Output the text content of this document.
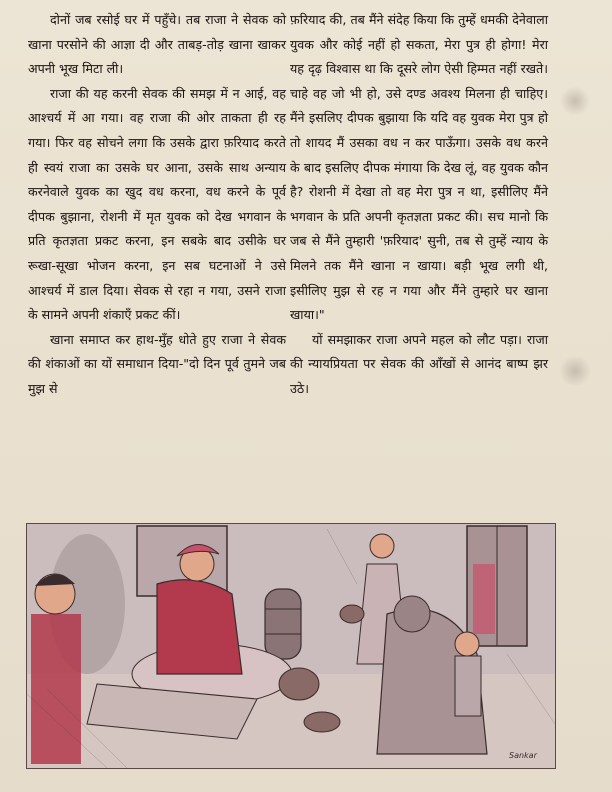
दोनों जब रसोई घर में पहुँचे। तब राजा ने सेवक को खाना परसोने की आज्ञा दी और ताबड़-तोड़ खाना खाकर अपनी भूख मिटा ली।

राजा की यह करनी सेवक की समझ में न आई, वह आश्चर्य में आ गया। वह राजा की ओर ताकता ही रह गया। फिर वह सोचने लगा कि उसके द्वारा फ़रियाद करते ही स्वयं राजा का उसके घर आना, उसके साथ अन्याय करनेवाले युवक का खुद वध करना, वध करने के पूर्व दीपक बुझाना, रोशनी में मृत युवक को देख भगवान के प्रति कृतज्ञता प्रकट करना, इन सबके बाद उसीके घर रूखा-सूखा भोजन करना, इन सब घटनाओं ने उसे आश्चर्य में डाल दिया। सेवक से रहा न गया, उसने राजा के सामने अपनी शंकाएँ प्रकट कीं।

खाना समाप्त कर हाथ-मुँह धोते हुए राजा ने सेवक की शंकाओं का यों समाधान दिया-"दो दिन पूर्व तुमने जब मुझ से

फ़रियाद की, तब मैंने संदेह किया कि तुम्हें धमकी देनेवाला युवक और कोई नहीं हो सकता, मेरा पुत्र ही होगा! मेरा यह दृढ़ विश्वास था कि दूसरे लोग ऐसी हिम्मत नहीं रखते। चाहे वह जो भी हो, उसे दण्ड अवश्य मिलना ही चाहिए। मैंने इसलिए दीपक बुझाया कि यदि वह युवक मेरा पुत्र हो तो शायद मैं उसका वध न कर पाऊँगा। उसके वध करने के बाद इसलिए दीपक मंगाया कि देख लूं, वह युवक कौन है? रोशनी में देखा तो वह मेरा पुत्र न था, इसीलिए मैंने भगवान के प्रति अपनी कृतज्ञता प्रकट की। सच मानो कि जब से मैंने तुम्हारी 'फ़रियाद' सुनी, तब से तुम्हें न्याय के मिलने तक मैंने खाना न खाया। बड़ी भूख लगी थी, इसीलिए मुझ से रह न गया और मैंने तुम्हारे घर खाना खाया।"

यों समझाकर राजा अपने महल को लौट पड़ा। राजा की न्यायप्रियता पर सेवक की आँखों से आनंद बाष्प झर उठे।

Sankar
